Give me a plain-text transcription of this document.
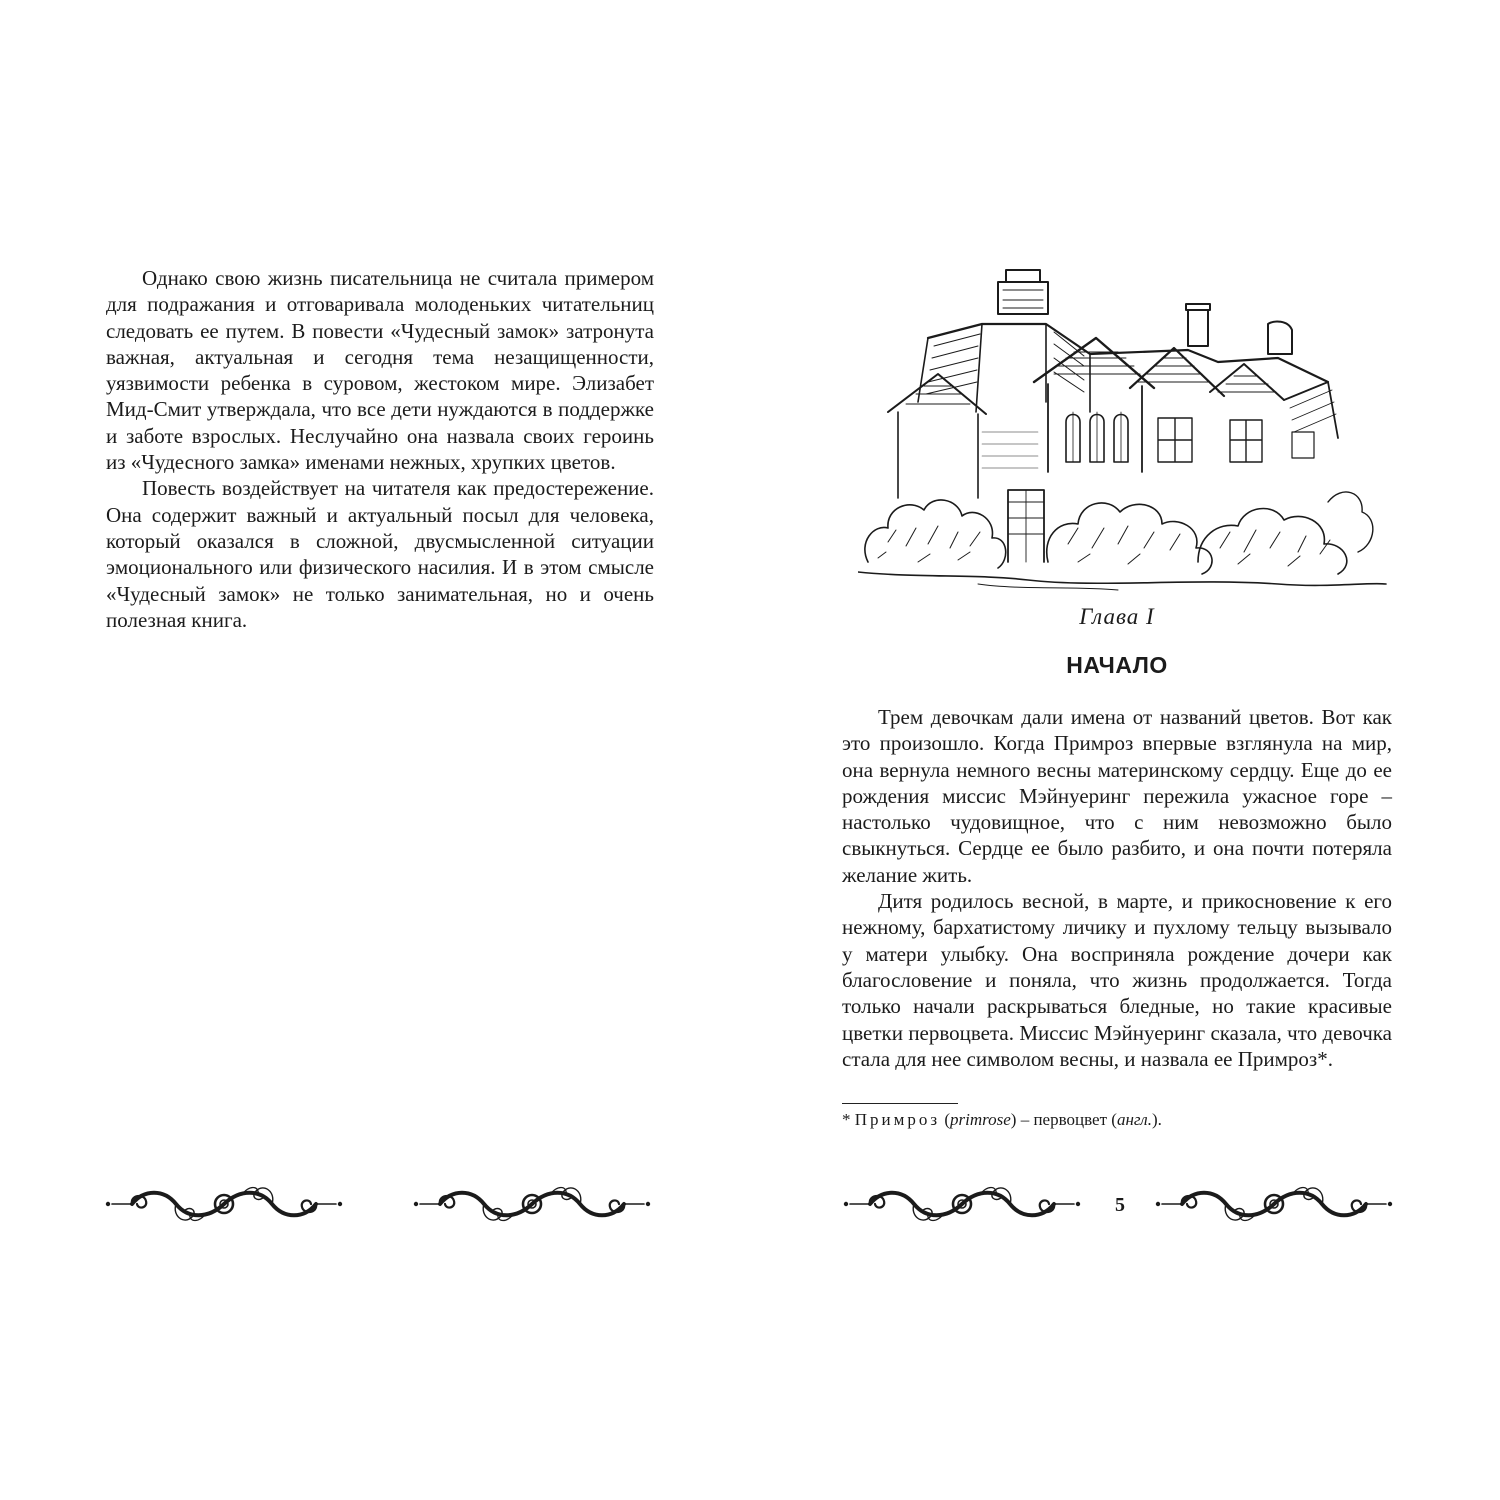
Однако свою жизнь писательница не считала примером для подражания и отговаривала молоденьких читательниц следовать ее путем. В повести «Чудесный замок» затронута важная, актуальная и сегодня тема незащищенности, уязвимости ребенка в суровом, жестоком мире. Элизабет Мид-Смит утверждала, что все дети нуждаются в поддержке и заботе взрослых. Неслучайно она назвала своих героинь из «Чудесного замка» именами нежных, хрупких цветов.

Повесть воздействует на читателя как предостережение. Она содержит важный и актуальный посыл для человека, который оказался в сложной, двусмысленной ситуации эмоционального или физического насилия. И в этом смысле «Чудесный замок» не только занимательная, но и очень полезная книга.	Глава I
НАЧАЛО

Трем девочкам дали имена от названий цветов. Вот как это произошло. Когда Примроз впервые взглянула на мир, она вернула немного весны материнскому сердцу. Еще до ее рождения миссис Мэйнуеринг пережила ужасное горе – настолько чудовищное, что с ним невозможно было свыкнуться. Сердце ее было разбито, и она почти потеряла желание жить.

Дитя родилось весной, в марте, и прикосновение к его нежному, бархатистому личику и пухлому тельцу вызывало у матери улыбку. Она восприняла рождение дочери как благословение и поняла, что жизнь продолжается. Тогда только начали раскрываться бледные, но такие красивые цветки первоцвета. Миссис Мэйнуеринг сказала, что девочка стала для нее символом весны, и назвала ее Примроз*.

* Примроз (primrose) – первоцвет (англ.).
5
